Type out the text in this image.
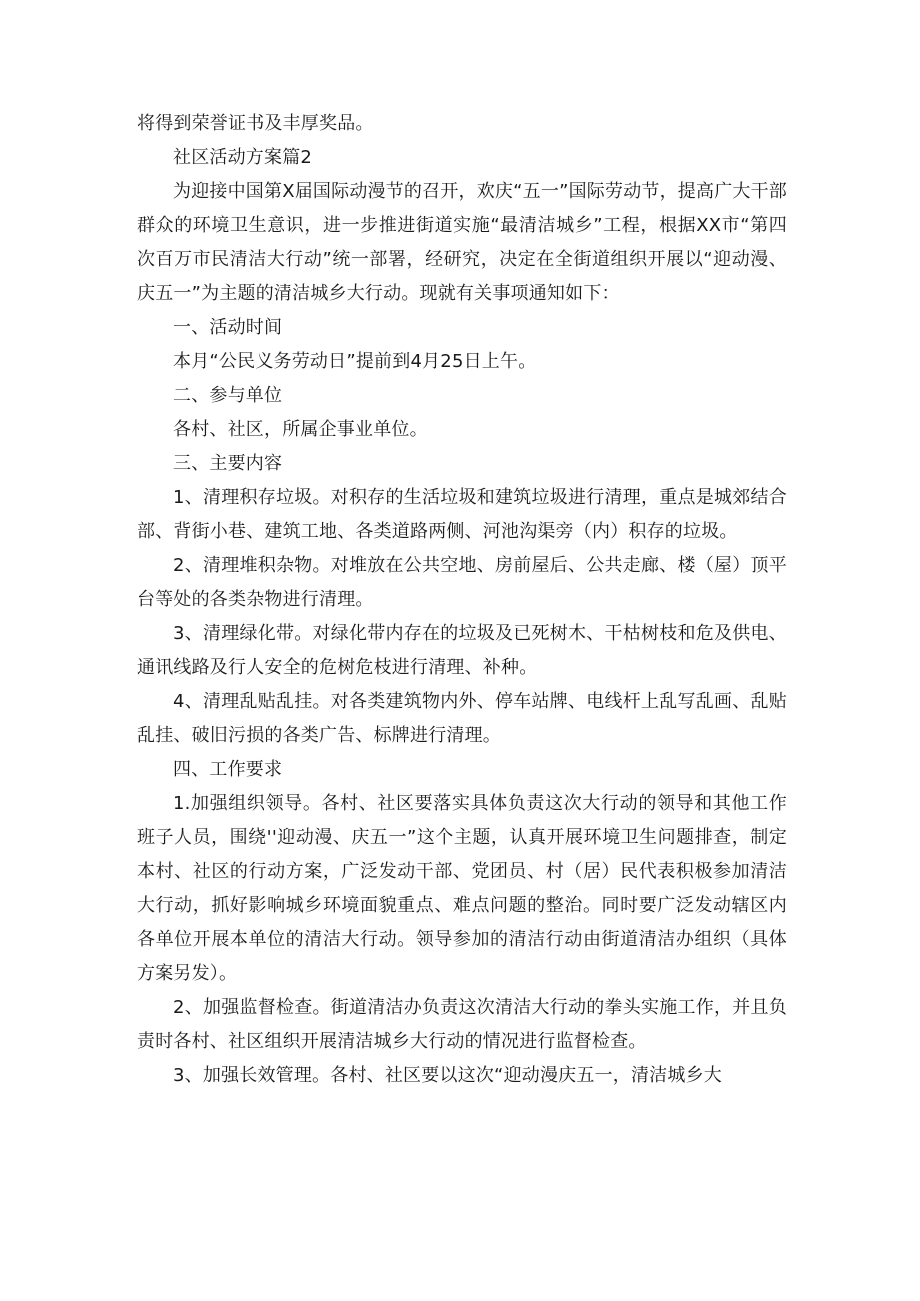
将得到荣誉证书及丰厚奖品。

社区活动方案篇2

为迎接中国第X届国际动漫节的召开，欢庆“五一”国际劳动节，提高广大干部群众的环境卫生意识，进一步推进街道实施“最清洁城乡”工程，根据XX市“第四次百万市民清洁大行动”统一部署，经研究，决定在全街道组织开展以“迎动漫、庆五一”为主题的清洁城乡大行动。现就有关事项通知如下：

一、活动时间

本月“公民义务劳动日”提前到4月25日上午。

二、参与单位

各村、社区，所属企事业单位。

三、主要内容

1、清理积存垃圾。对积存的生活垃圾和建筑垃圾进行清理，重点是城郊结合部、背街小巷、建筑工地、各类道路两侧、河池沟渠旁（内）积存的垃圾。

2、清理堆积杂物。对堆放在公共空地、房前屋后、公共走廊、楼（屋）顶平台等处的各类杂物进行清理。

3、清理绿化带。对绿化带内存在的垃圾及已死树木、干枯树枝和危及供电、通讯线路及行人安全的危树危枝进行清理、补种。

4、清理乱贴乱挂。对各类建筑物内外、停车站牌、电线杆上乱写乱画、乱贴乱挂、破旧污损的各类广告、标牌进行清理。

四、工作要求

1.加强组织领导。各村、社区要落实具体负责这次大行动的领导和其他工作班子人员，围绕''迎动漫、庆五一”这个主题，认真开展环境卫生问题排查，制定本村、社区的行动方案，广泛发动干部、党团员、村（居）民代表积极参加清洁大行动，抓好影响城乡环境面貌重点、难点问题的整治。同时要广泛发动辖区内各单位开展本单位的清洁大行动。领导参加的清洁行动由街道清洁办组织（具体方案另发）。

2、加强监督检查。街道清洁办负责这次清洁大行动的拳头实施工作，并且负责时各村、社区组织开展清洁城乡大行动的情况进行监督检查。

3、加强长效管理。各村、社区要以这次“迎动漫庆五一，清洁城乡大
